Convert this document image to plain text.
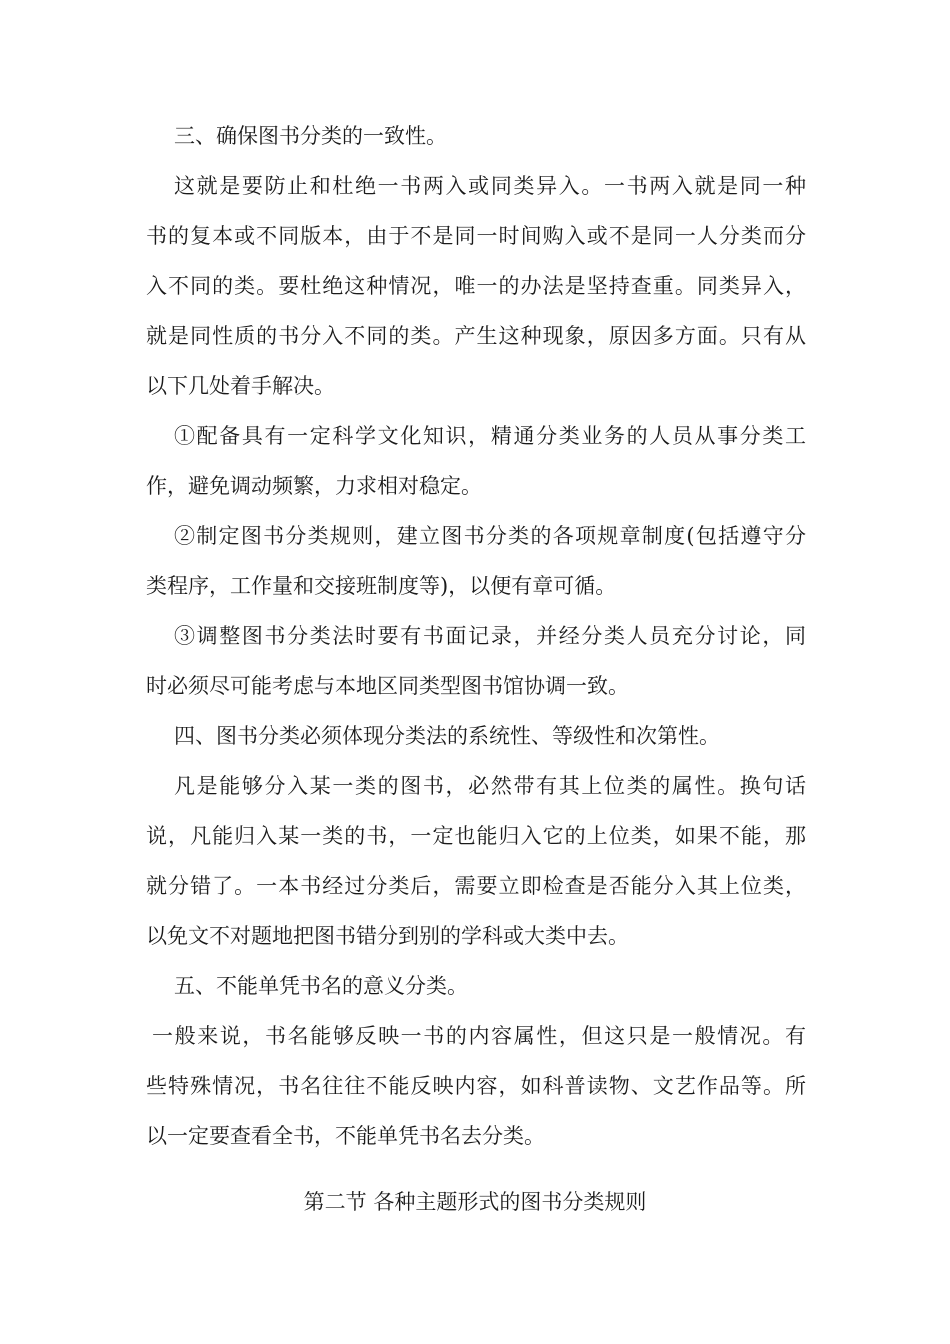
三、确保图书分类的一致性。
这就是要防止和杜绝一书两入或同类异入。一书两入就是同一种
书的复本或不同版本，由于不是同一时间购入或不是同一人分类而分
入不同的类。要杜绝这种情况，唯一的办法是坚持查重。同类异入，
就是同性质的书分入不同的类。产生这种现象，原因多方面。只有从
以下几处着手解决。
①配备具有一定科学文化知识，精通分类业务的人员从事分类工
作，避免调动频繁，力求相对稳定。
②制定图书分类规则，建立图书分类的各项规章制度(包括遵守分
类程序，工作量和交接班制度等)，以便有章可循。
③调整图书分类法时要有书面记录，并经分类人员充分讨论，同
时必须尽可能考虑与本地区同类型图书馆协调一致。
四、图书分类必须体现分类法的系统性、等级性和次第性。
凡是能够分入某一类的图书，必然带有其上位类的属性。换句话
说，凡能归入某一类的书，一定也能归入它的上位类，如果不能，那
就分错了。一本书经过分类后，需要立即检查是否能分入其上位类，
以免文不对题地把图书错分到别的学科或大类中去。
五、不能单凭书名的意义分类。
一般来说，书名能够反映一书的内容属性，但这只是一般情况。有
些特殊情况，书名往往不能反映内容，如科普读物、文艺作品等。所
以一定要查看全书，不能单凭书名去分类。
第二节 各种主题形式的图书分类规则
